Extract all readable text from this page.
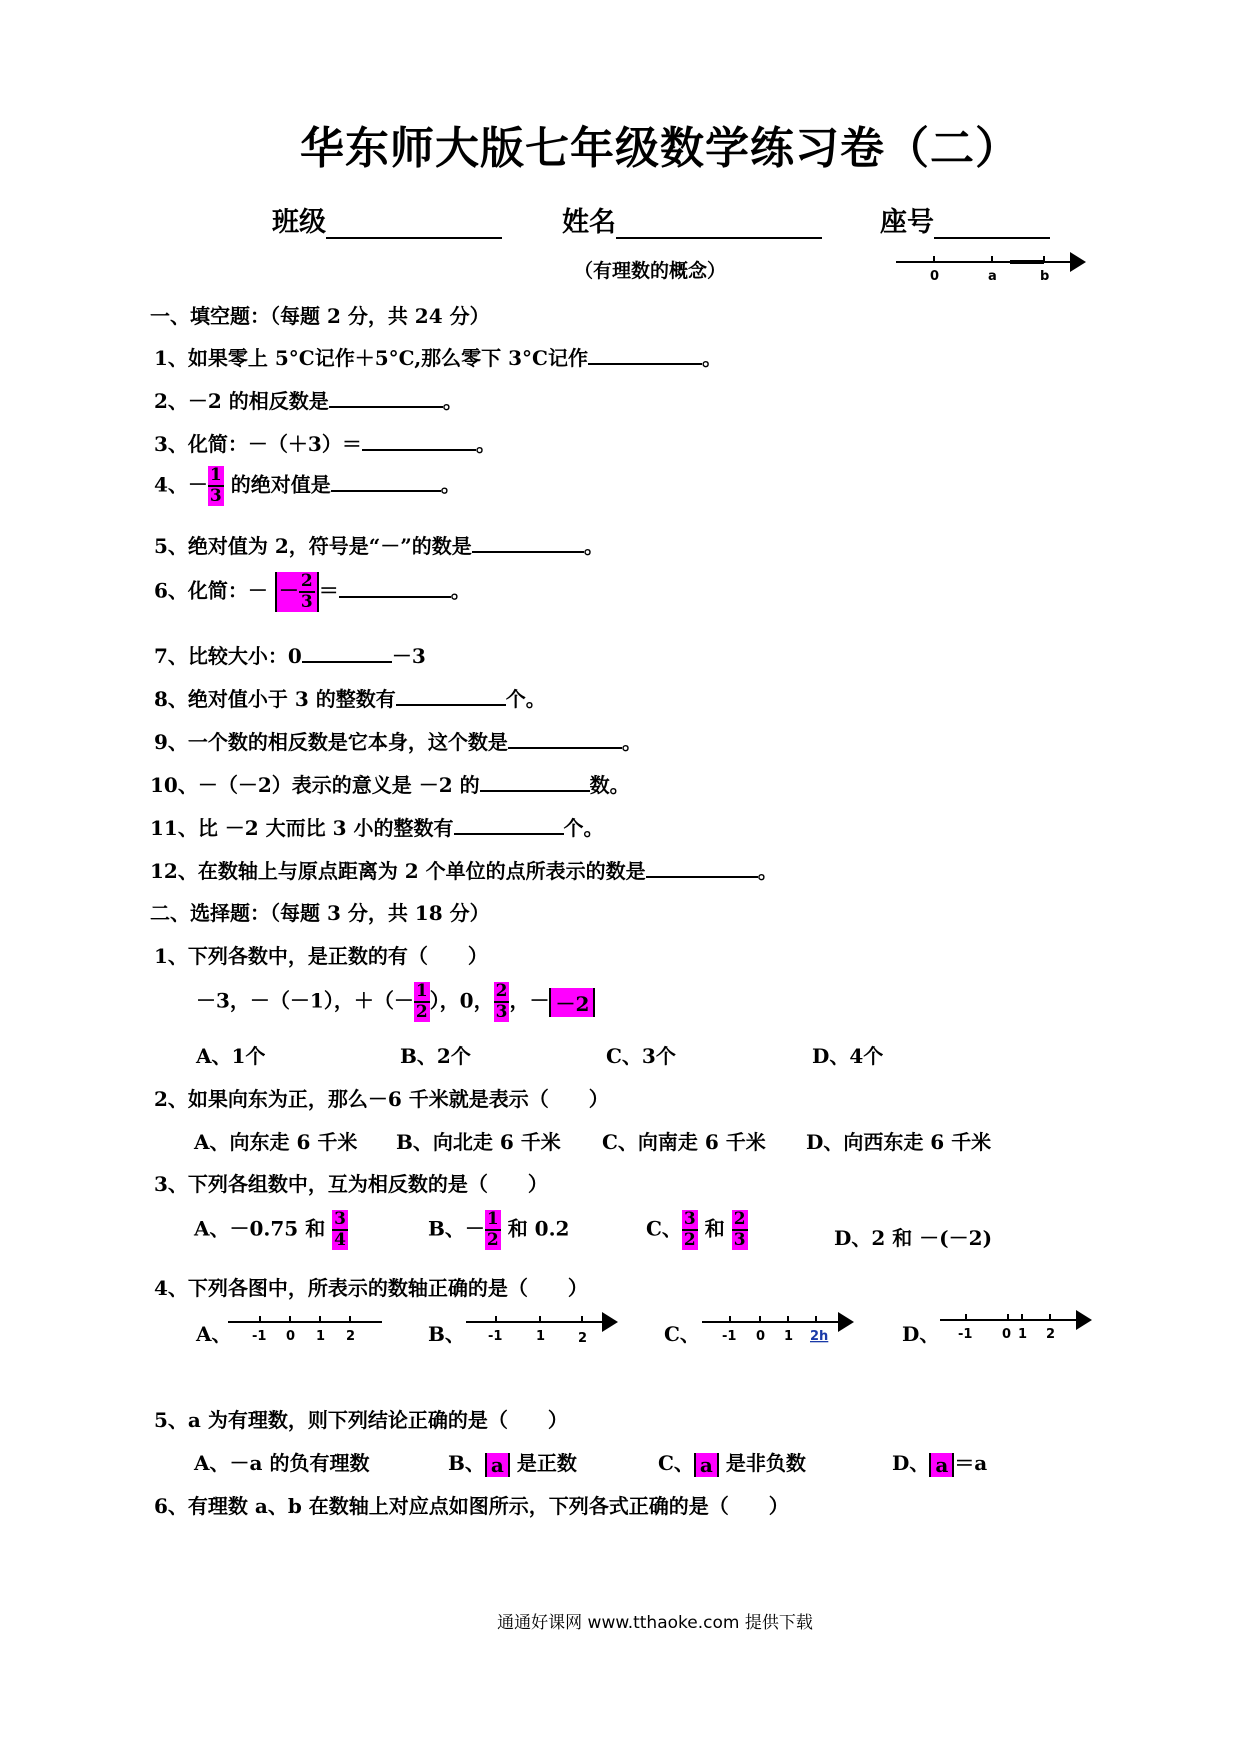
华东师大版七年级数学练习卷（二）
班级	姓名	座号
（有理数的概念）	0	a	b
一、填空题：（每题 2 分，共 24 分）
1、如果零上 5°C记作＋5°C,那么零下 3°C记作	。
2、－2 的相反数是	。
3、化简：－（＋3）＝	。
4、－ $\frac{1}{3}$ 的绝对值是	。
5、绝对值为 2，符号是“－”的数是	。
6、化简：－ － $\frac{2}{3}$ ＝	。
7、比较大小：0	－3
8、绝对值小于 3 的整数有	个。
9、一个数的相反数是它本身，这个数是	。
10、－（－2）表示的意义是 －2 的	数。
11、比 －2 大而比 3 小的整数有	个。
12、在数轴上与原点距离为 2 个单位的点所表示的数是	。
二、选择题：（每题 3 分，共 18 分）
1、下列各数中，是正数的有（　　）
－3，－（－1），＋（－ $\frac{1}{2}$ ），0， $\frac{2}{3}$ ，－ －2
A、1个	B、2个	C、3个	D、4个
2、如果向东为正，那么－6 千米就是表示（　　）
A、向东走 6 千米 B、向北走 6 千米 C、向南走 6 千米 D、向西东走 6 千米
3、下列各组数中，互为相反数的是（　　）
A、－0.75 和 $\frac{3}{4}$	B、－ $\frac{1}{2}$ 和 0.2	C、 $\frac{3}{2}$ 和 $\frac{2}{3}$	D、2 和 －(－2)
4、下列各图中，所表示的数轴正确的是（　　）
A、 -1 0 1 2	B、 -1	1	2	C、 -1 0 1 2h	D、 -1 0 1 2
5、a 为有理数，则下列结论正确的是（　　）
A、－a 的负有理数	B、 a 是正数	C、 a 是非负数	D、 a ＝a
6、有理数 a、b 在数轴上对应点如图所示，下列各式正确的是（　　）
通通好课网 www.tthaoke.com 提供下载
